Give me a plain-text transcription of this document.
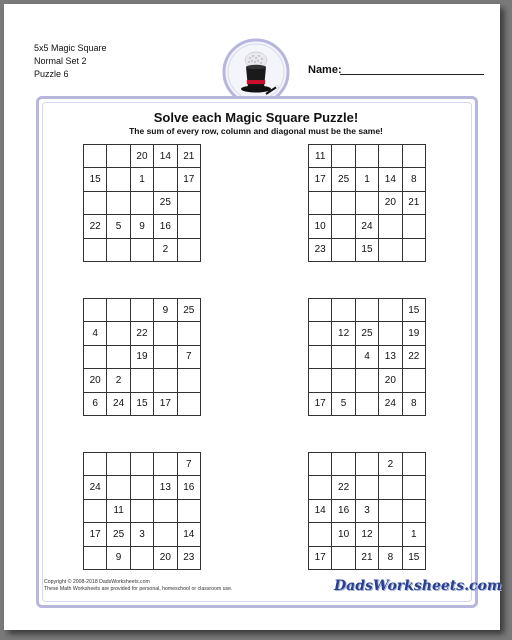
5x5 Magic Square
Normal Set 2
Puzzle 6	Name:
Solve each Magic Square Puzzle!
The sum of every row, column and diagonal must be the same!
		20	14	21
15		1		17
			25	
22	5	9	16	
			2	
11				
17	25	1	14	8
			20	21
10		24		
23		15		
			9	25
4		22		
		19		7
20	2			
6	24	15	17	
				15
	12	25		19
		4	13	22
			20	
17	5		24	8
				7
24			13	16
	11			
17	25	3		14
	9		20	23
			2	
	22			
14	16	3		
	10	12		1
17		21	8	15
Copyright © 2008-2018 DadsWorksheets.com
These Math Worksheets are provided for personal, homeschool or classroom use.	DadsWorksheets.com
